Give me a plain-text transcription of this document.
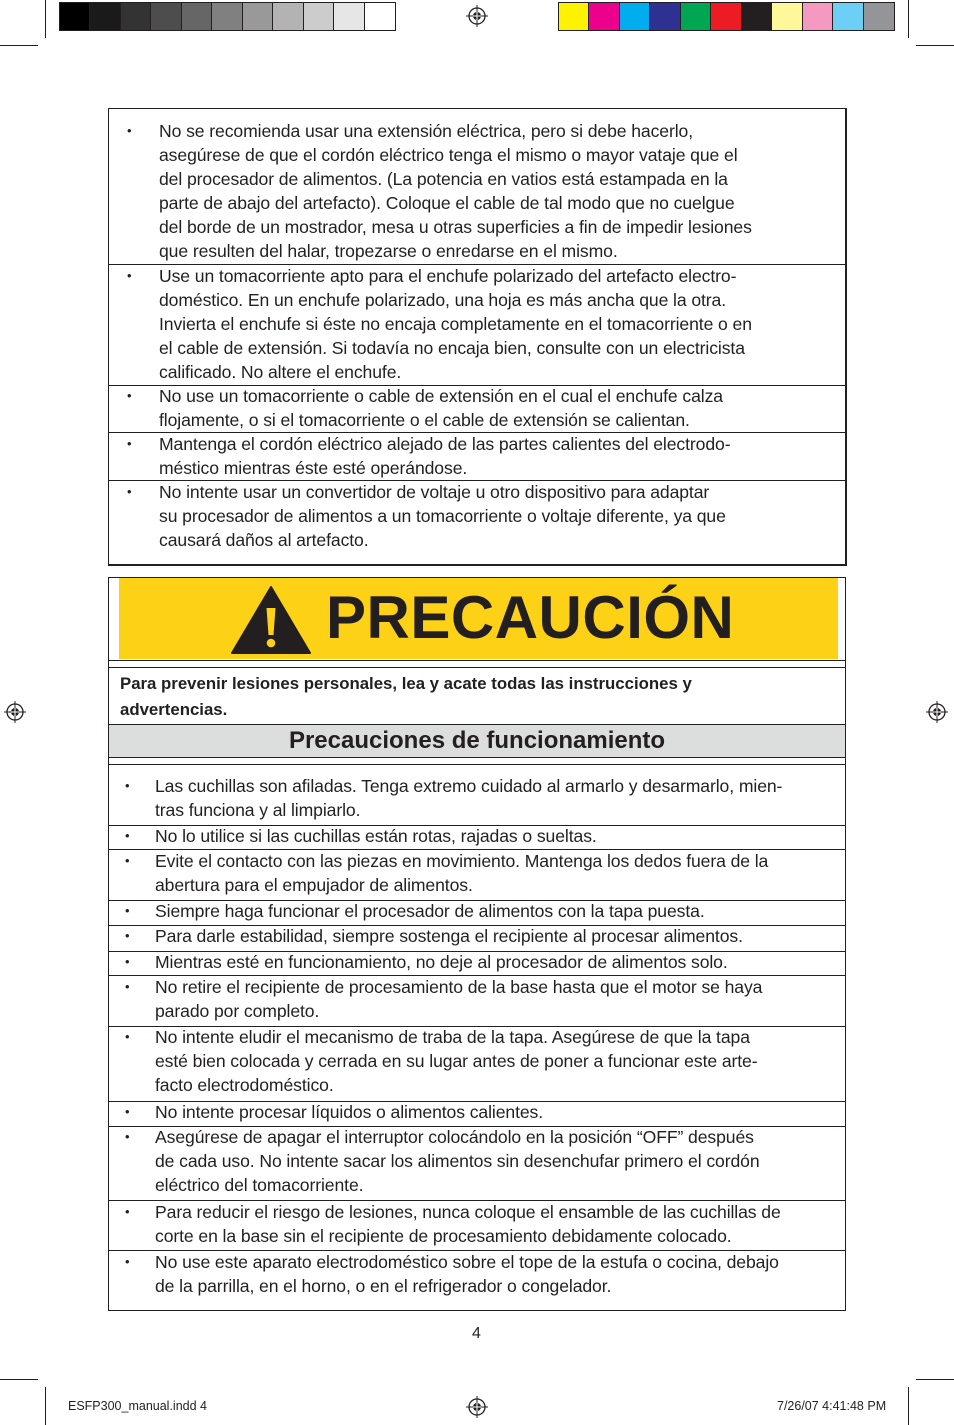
• No se recomienda usar una extensión eléctrica, pero si debe hacerlo,
asegúrese de que el cordón eléctrico tenga el mismo o mayor vataje que el
del procesador de alimentos. (La potencia en vatios está estampada en la
parte de abajo del artefacto). Coloque el cable de tal modo que no cuelgue
del borde de un mostrador, mesa u otras superficies a fin de impedir lesiones
que resulten del halar, tropezarse o enredarse en el mismo.
• Use un tomacorriente apto para el enchufe polarizado del artefacto electro-
doméstico. En un enchufe polarizado, una hoja es más ancha que la otra.
Invierta el enchufe si éste no encaja completamente en el tomacorriente o en
el cable de extensión. Si todavía no encaja bien, consulte con un electricista
calificado. No altere el enchufe.
• No use un tomacorriente o cable de extensión en el cual el enchufe calza
flojamente, o si el tomacorriente o el cable de extensión se calientan.
• Mantenga el cordón eléctrico alejado de las partes calientes del electrodo-
méstico mientras éste esté operándose.
• No intente usar un convertidor de voltaje u otro dispositivo para adaptar
su procesador de alimentos a un tomacorriente o voltaje diferente, ya que
causará daños al artefacto.
PRECAUCIÓN
Para prevenir lesiones personales, lea y acate todas las instrucciones y
advertencias.
Precauciones de funcionamiento
• Las cuchillas son afiladas. Tenga extremo cuidado al armarlo y desarmarlo, mien-
tras funciona y al limpiarlo.
• No lo utilice si las cuchillas están rotas, rajadas o sueltas.
• Evite el contacto con las piezas en movimiento. Mantenga los dedos fuera de la
abertura para el empujador de alimentos.
• Siempre haga funcionar el procesador de alimentos con la tapa puesta.
• Para darle estabilidad, siempre sostenga el recipiente al procesar alimentos.
• Mientras esté en funcionamiento, no deje al procesador de alimentos solo.
• No retire el recipiente de procesamiento de la base hasta que el motor se haya
parado por completo.
• No intente eludir el mecanismo de traba de la tapa. Asegúrese de que la tapa
esté bien colocada y cerrada en su lugar antes de poner a funcionar este arte-
facto electrodoméstico.
• No intente procesar líquidos o alimentos calientes.
• Asegúrese de apagar el interruptor colocándolo en la posición “OFF” después
de cada uso. No intente sacar los alimentos sin desenchufar primero el cordón
eléctrico del tomacorriente.
• Para reducir el riesgo de lesiones, nunca coloque el ensamble de las cuchillas de
corte en la base sin el recipiente de procesamiento debidamente colocado.
• No use este aparato electrodoméstico sobre el tope de la estufa o cocina, debajo
de la parrilla, en el horno, o en el refrigerador o congelador.
4
ESFP300_manual.indd 4	7/26/07 4:41:48 PM
